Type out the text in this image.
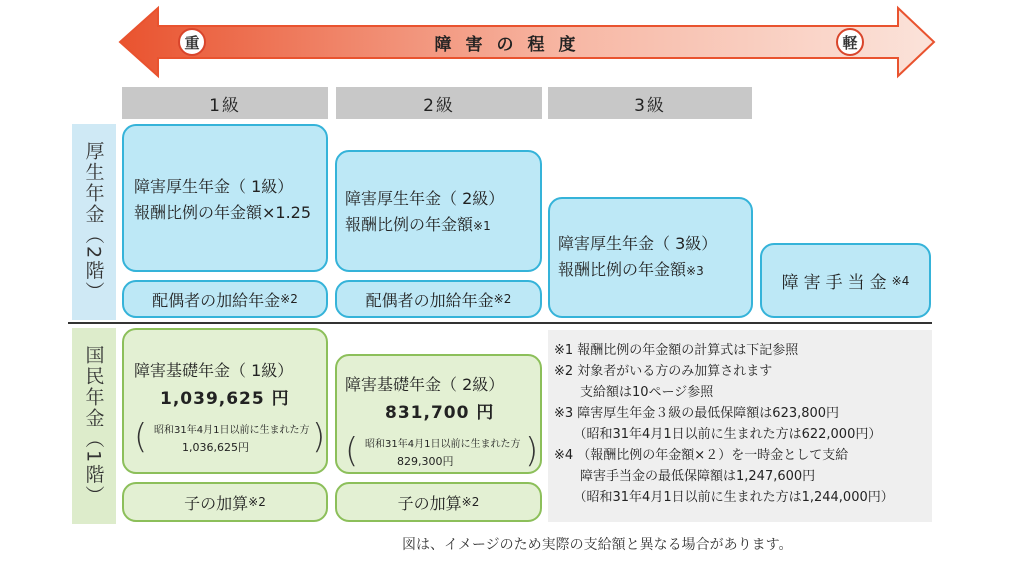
重	軽
障害の程度
1級	2級	3級
厚生年金（2階）
国民年金（1階）
障害厚生年金（ 1級）
報酬比例の年金額×1.25
障害厚生年金（ 2級）
報酬比例の年金額※1
障害厚生年金（ 3級）
報酬比例の年金額※3
障害手当金 ※4
配偶者の加給年金 ※2	配偶者の加給年金 ※2
障害基礎年金（ 1級）
1,039,625 円
( 昭和31年4月1日以前に生まれた方
1,036,625円 )
障害基礎年金（ 2級）
831,700 円
( 昭和31年4月1日以前に生まれた方
829,300円 )
子の加算 ※2	子の加算 ※2
※1 報酬比例の年金額の計算式は下記参照
※2 対象者がいる方のみ加算されます
　　支給額は10ページ参照
※3 障害厚生年金３級の最低保障額は623,800円
　　（昭和31年4月1日以前に生まれた方は622,000円）
※4 （報酬比例の年金額×２）を一時金として支給
　　障害手当金の最低保障額は1,247,600円
　　（昭和31年4月1日以前に生まれた方は1,244,000円）
図は、イメージのため実際の支給額と異なる場合があります。
